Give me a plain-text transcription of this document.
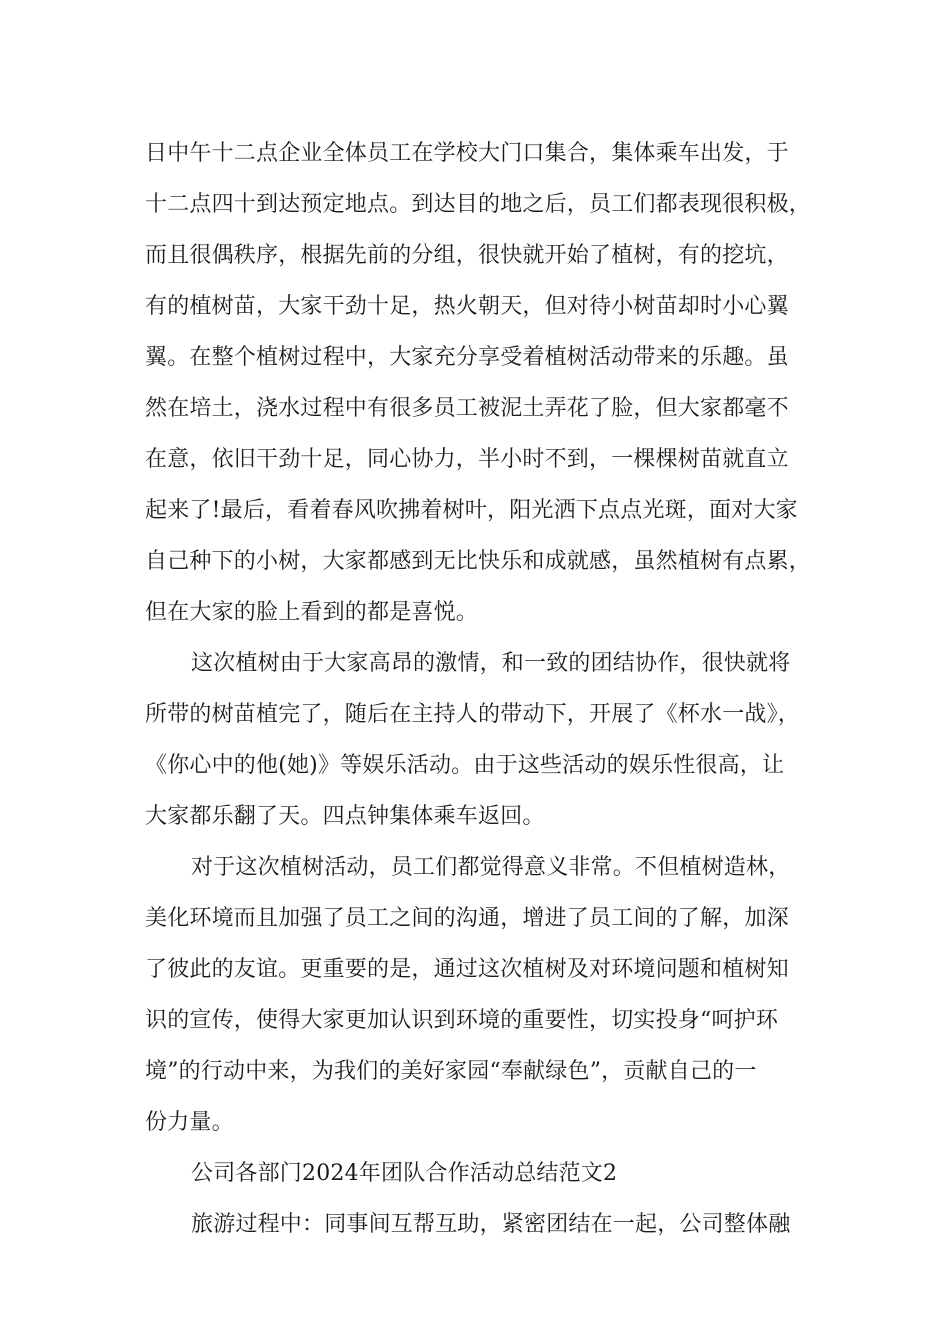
日中午十二点企业全体员工在学校大门口集合，集体乘车出发，于
十二点四十到达预定地点。到达目的地之后，员工们都表现很积极，
而且很偶秩序，根据先前的分组，很快就开始了植树，有的挖坑，
有的植树苗，大家干劲十足，热火朝天，但对待小树苗却时小心翼
翼。在整个植树过程中，大家充分享受着植树活动带来的乐趣。虽
然在培土，浇水过程中有很多员工被泥土弄花了脸，但大家都毫不
在意，依旧干劲十足，同心协力，半小时不到，一棵棵树苗就直立
起来了!最后，看着春风吹拂着树叶，阳光洒下点点光斑，面对大家
自己种下的小树，大家都感到无比快乐和成就感，虽然植树有点累，
但在大家的脸上看到的都是喜悦。
这次植树由于大家高昂的激情，和一致的团结协作，很快就将
所带的树苗植完了，随后在主持人的带动下，开展了《杯水一战》，
《你心中的他(她)》等娱乐活动。由于这些活动的娱乐性很高，让
大家都乐翻了天。四点钟集体乘车返回。
对于这次植树活动，员工们都觉得意义非常。不但植树造林，
美化环境而且加强了员工之间的沟通，增进了员工间的了解，加深
了彼此的友谊。更重要的是，通过这次植树及对环境问题和植树知
识的宣传，使得大家更加认识到环境的重要性，切实投身“呵护环
境”的行动中来，为我们的美好家园“奉献绿色”，贡献自己的一
份力量。
公司各部门2024年团队合作活动总结范文2
旅游过程中：同事间互帮互助，紧密团结在一起，公司整体融
